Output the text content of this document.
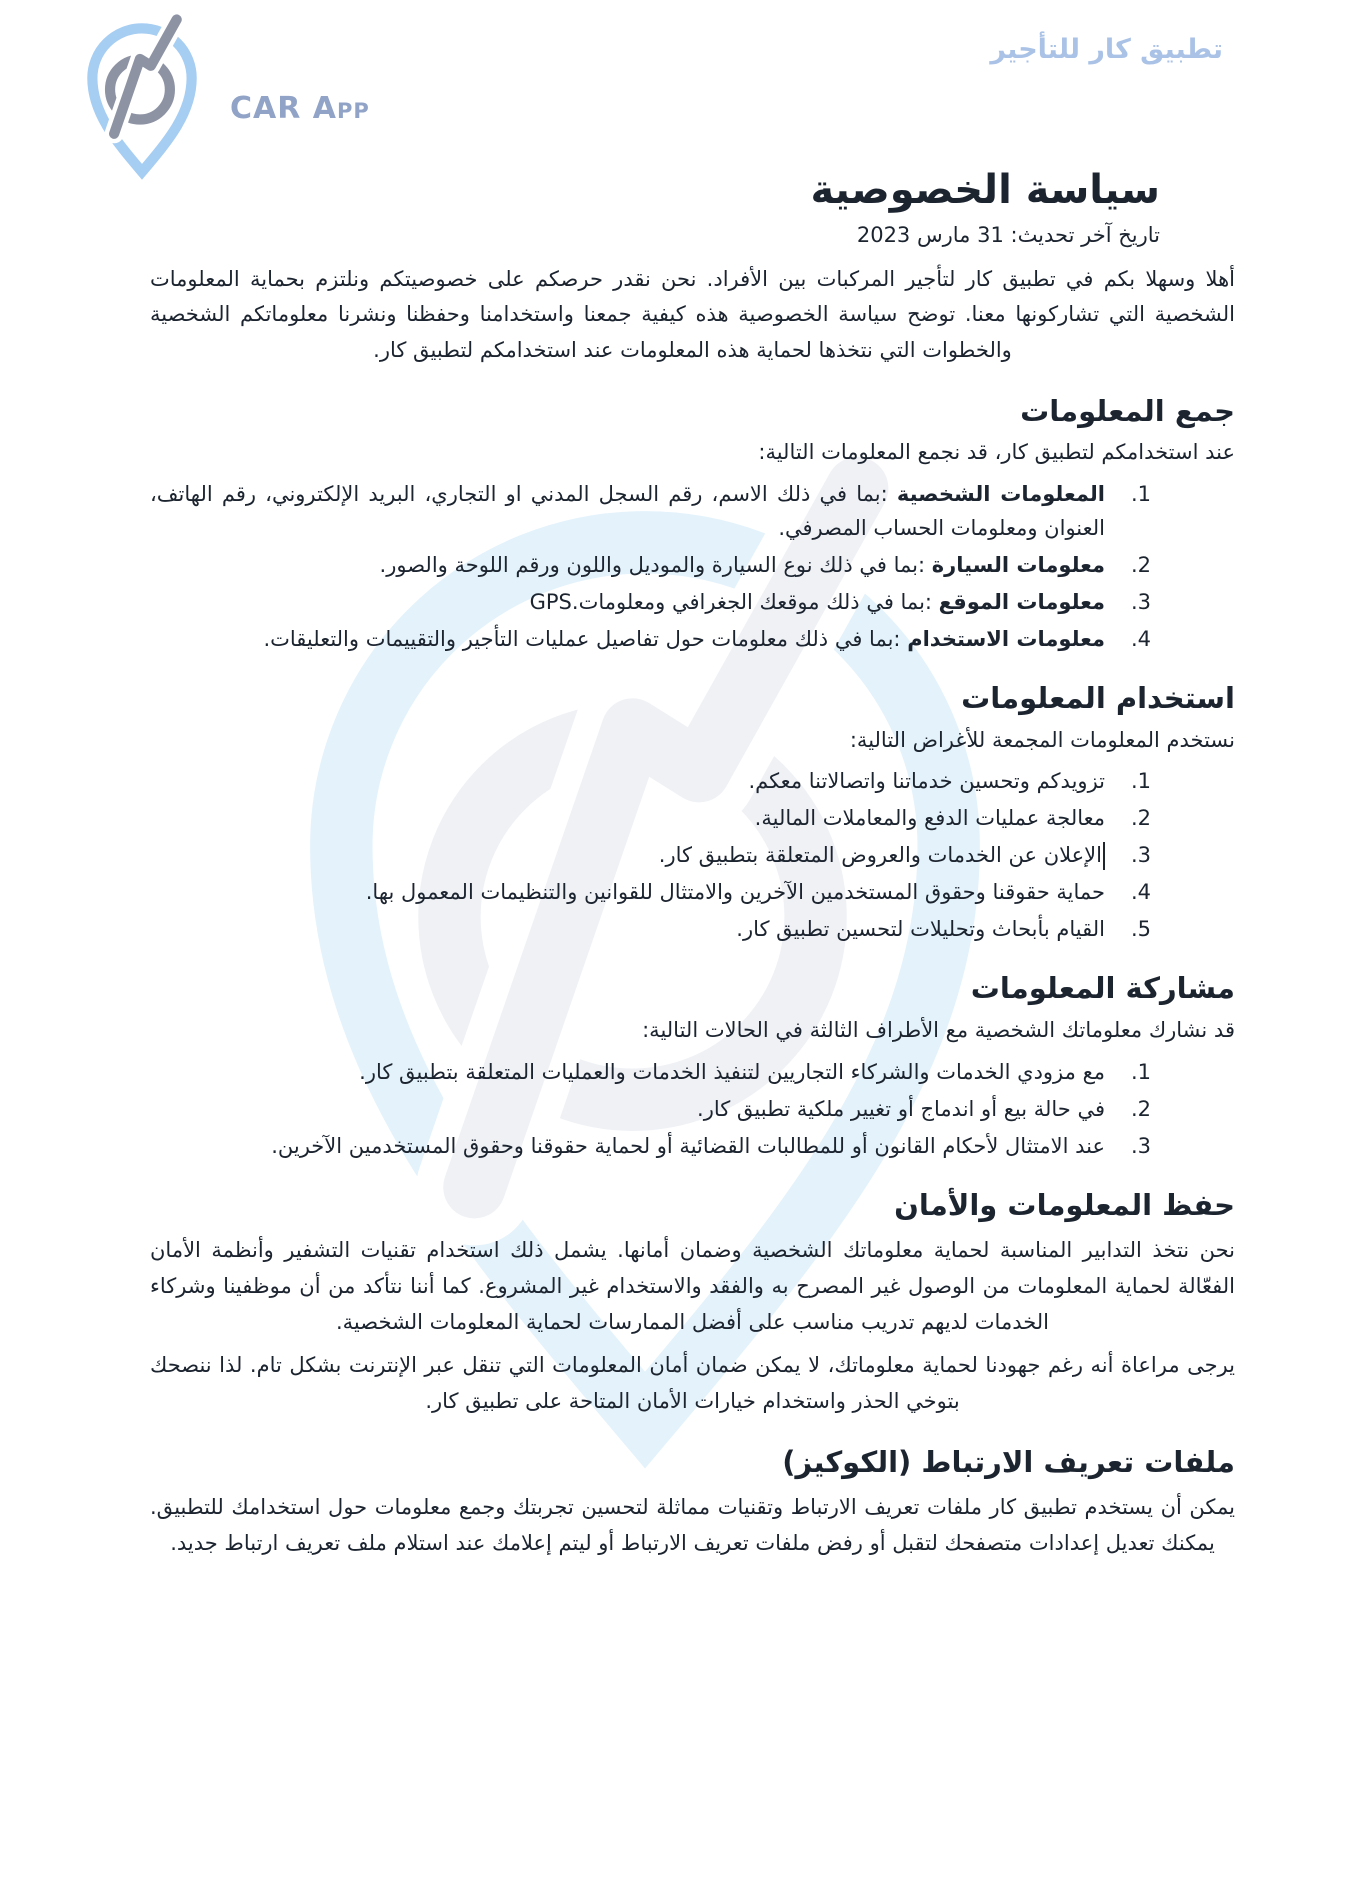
CAR App
تطبيق كار للتأجير
سياسة الخصوصية

تاريخ آخر تحديث: 31 مارس 2023

أهلا وسهلا بكم في تطبيق كار لتأجير المركبات بين الأفراد. نحن نقدر حرصكم على خصوصيتكم ونلتزم بحماية المعلومات الشخصية التي تشاركونها معنا. توضح سياسة الخصوصية هذه كيفية جمعنا واستخدامنا وحفظنا ونشرنا معلوماتكم الشخصية والخطوات التي نتخذها لحماية هذه المعلومات عند استخدامكم لتطبيق كار.

جمع المعلومات

عند استخدامكم لتطبيق كار، قد نجمع المعلومات التالية:

1.
المعلومات الشخصية :بما في ذلك الاسم، رقم السجل المدني او التجاري، البريد الإلكتروني، رقم الهاتف، العنوان ومعلومات الحساب المصرفي.
2.
معلومات السيارة :بما في ذلك نوع السيارة والموديل واللون ورقم اللوحة والصور.
3.
معلومات الموقع :بما في ذلك موقعك الجغرافي ومعلومات.GPS
4.
معلومات الاستخدام :بما في ذلك معلومات حول تفاصيل عمليات التأجير والتقييمات والتعليقات.
استخدام المعلومات

نستخدم المعلومات المجمعة للأغراض التالية:

1.
تزويدكم وتحسين خدماتنا واتصالاتنا معكم.
2.
معالجة عمليات الدفع والمعاملات المالية.
3.
الإعلان عن الخدمات والعروض المتعلقة بتطبيق كار.
4.
حماية حقوقنا وحقوق المستخدمين الآخرين والامتثال للقوانين والتنظيمات المعمول بها.
5.
القيام بأبحاث وتحليلات لتحسين تطبيق كار.
مشاركة المعلومات

قد نشارك معلوماتك الشخصية مع الأطراف الثالثة في الحالات التالية:

1.
مع مزودي الخدمات والشركاء التجاريين لتنفيذ الخدمات والعمليات المتعلقة بتطبيق كار.
2.
في حالة بيع أو اندماج أو تغيير ملكية تطبيق كار.
3.
عند الامتثال لأحكام القانون أو للمطالبات القضائية أو لحماية حقوقنا وحقوق المستخدمين الآخرين.
حفظ المعلومات والأمان

نحن نتخذ التدابير المناسبة لحماية معلوماتك الشخصية وضمان أمانها. يشمل ذلك استخدام تقنيات التشفير وأنظمة الأمان الفعّالة لحماية المعلومات من الوصول غير المصرح به والفقد والاستخدام غير المشروع. كما أننا نتأكد من أن موظفينا وشركاء الخدمات لديهم تدريب مناسب على أفضل الممارسات لحماية المعلومات الشخصية.

يرجى مراعاة أنه رغم جهودنا لحماية معلوماتك، لا يمكن ضمان أمان المعلومات التي تنقل عبر الإنترنت بشكل تام. لذا ننصحك بتوخي الحذر واستخدام خيارات الأمان المتاحة على تطبيق كار.

ملفات تعريف الارتباط (الكوكيز)

يمكن أن يستخدم تطبيق كار ملفات تعريف الارتباط وتقنيات مماثلة لتحسين تجربتك وجمع معلومات حول استخدامك للتطبيق. يمكنك تعديل إعدادات متصفحك لتقبل أو رفض ملفات تعريف الارتباط أو ليتم إعلامك عند استلام ملف تعريف ارتباط جديد.
